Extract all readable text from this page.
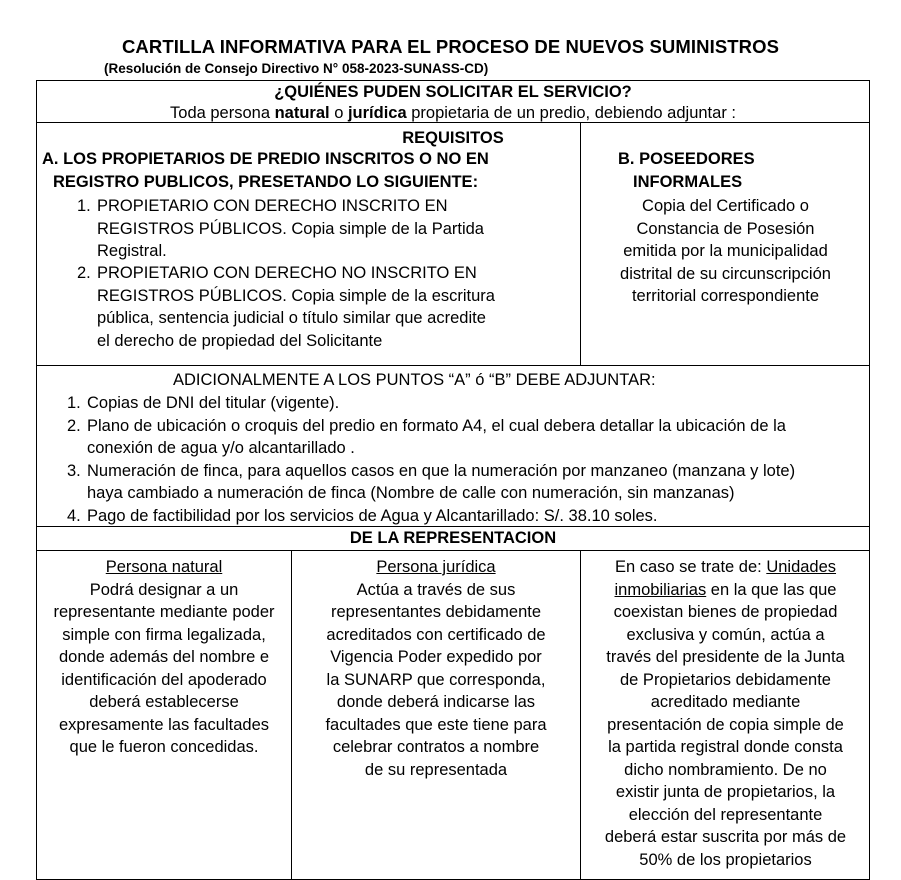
CARTILLA INFORMATIVA PARA EL PROCESO DE NUEVOS SUMINISTROS
(Resolución de Consejo Directivo N° 058-2023-SUNASS-CD)
¿QUIÉNES PUDEN SOLICITAR EL SERVICIO?
Toda persona natural o jurídica propietaria de un predio, debiendo adjuntar :
REQUISITOS
A. LOS PROPIETARIOS DE PREDIO INSCRITOS O NO EN
REGISTRO PUBLICOS, PRESETANDO LO SIGUIENTE:
1. PROPIETARIO CON DERECHO INSCRITO EN
REGISTROS PÚBLICOS. Copia simple de la Partida
Registral.
2. PROPIETARIO CON DERECHO NO INSCRITO EN
REGISTROS PÚBLICOS. Copia simple de la escritura
pública, sentencia judicial o título similar que acredite
el derecho de propiedad del Solicitante
B. POSEEDORES
INFORMALES
Copia del Certificado o
Constancia de Posesión
emitida por la municipalidad
distrital de su circunscripción
territorial correspondiente
ADICIONALMENTE A LOS PUNTOS “A” ó “B” DEBE ADJUNTAR:
1. Copias de DNI del titular (vigente).
2. Plano de ubicación o croquis del predio en formato A4, el cual debera detallar la ubicación de la
conexión de agua y/o alcantarillado .
3. Numeración de finca, para aquellos casos en que la numeración por manzaneo (manzana y lote)
haya cambiado a numeración de finca (Nombre de calle con numeración, sin manzanas)
4. Pago de factibilidad por los servicios de Agua y Alcantarillado: S/. 38.10 soles.
DE LA REPRESENTACION
Persona natural
Podrá designar a un
representante mediante poder
simple con firma legalizada,
donde además del nombre e
identificación del apoderado
deberá establecerse
expresamente las facultades
que le fueron concedidas.
Persona jurídica
Actúa a través de sus
representantes debidamente
acreditados con certificado de
Vigencia Poder expedido por
la SUNARP que corresponda,
donde deberá indicarse las
facultades que este tiene para
celebrar contratos a nombre
de su representada
En caso se trate de: Unidades
inmobiliarias en la que las que
coexistan bienes de propiedad
exclusiva y común, actúa a
través del presidente de la Junta
de Propietarios debidamente
acreditado mediante
presentación de copia simple de
la partida registral donde consta
dicho nombramiento. De no
existir junta de propietarios, la
elección del representante
deberá estar suscrita por más de
50% de los propietarios
